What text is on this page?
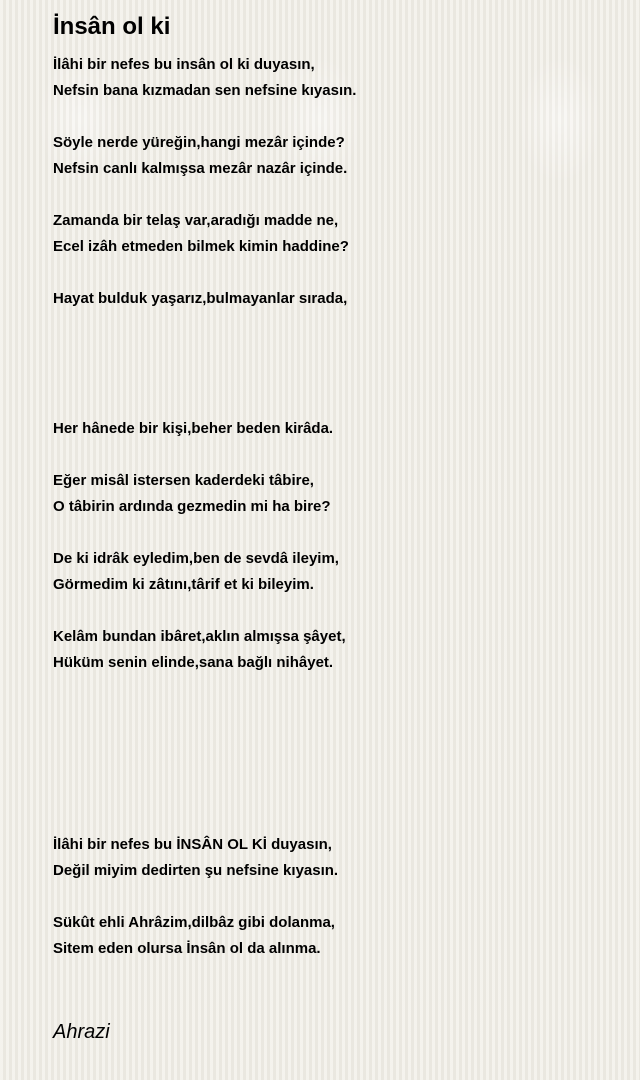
İnsân ol ki
İlâhi bir nefes bu insân ol ki duyasın,
Nefsin bana kızmadan sen nefsine kıyasın.
Söyle nerde yüreğin,hangi mezâr içinde?
Nefsin canlı kalmışsa mezâr nazâr içinde.
Zamanda bir telaş var,aradığı madde ne,
Ecel izâh etmeden bilmek kimin haddine?
Hayat bulduk yaşarız,bulmayanlar sırada,
Her hânede bir kişi,beher beden kirâda.
Eğer misâl istersen kaderdeki tâbire,
O tâbirin ardında gezmedin mi ha bire?
De ki idrâk eyledim,ben de sevdâ ileyim,
Görmedim ki zâtını,târif et ki bileyim.
Kelâm bundan ibâret,aklın almışsa şâyet,
Hüküm senin elinde,sana bağlı nihâyet.
İlâhi bir nefes bu İNSÂN OL Kİ duyasın,
Değil miyim dedirten şu nefsine kıyasın.
Sükût ehli Ahrâzim,dilbâz gibi dolanma,
Sitem eden olursa İnsân ol da alınma.
Ahrazi
